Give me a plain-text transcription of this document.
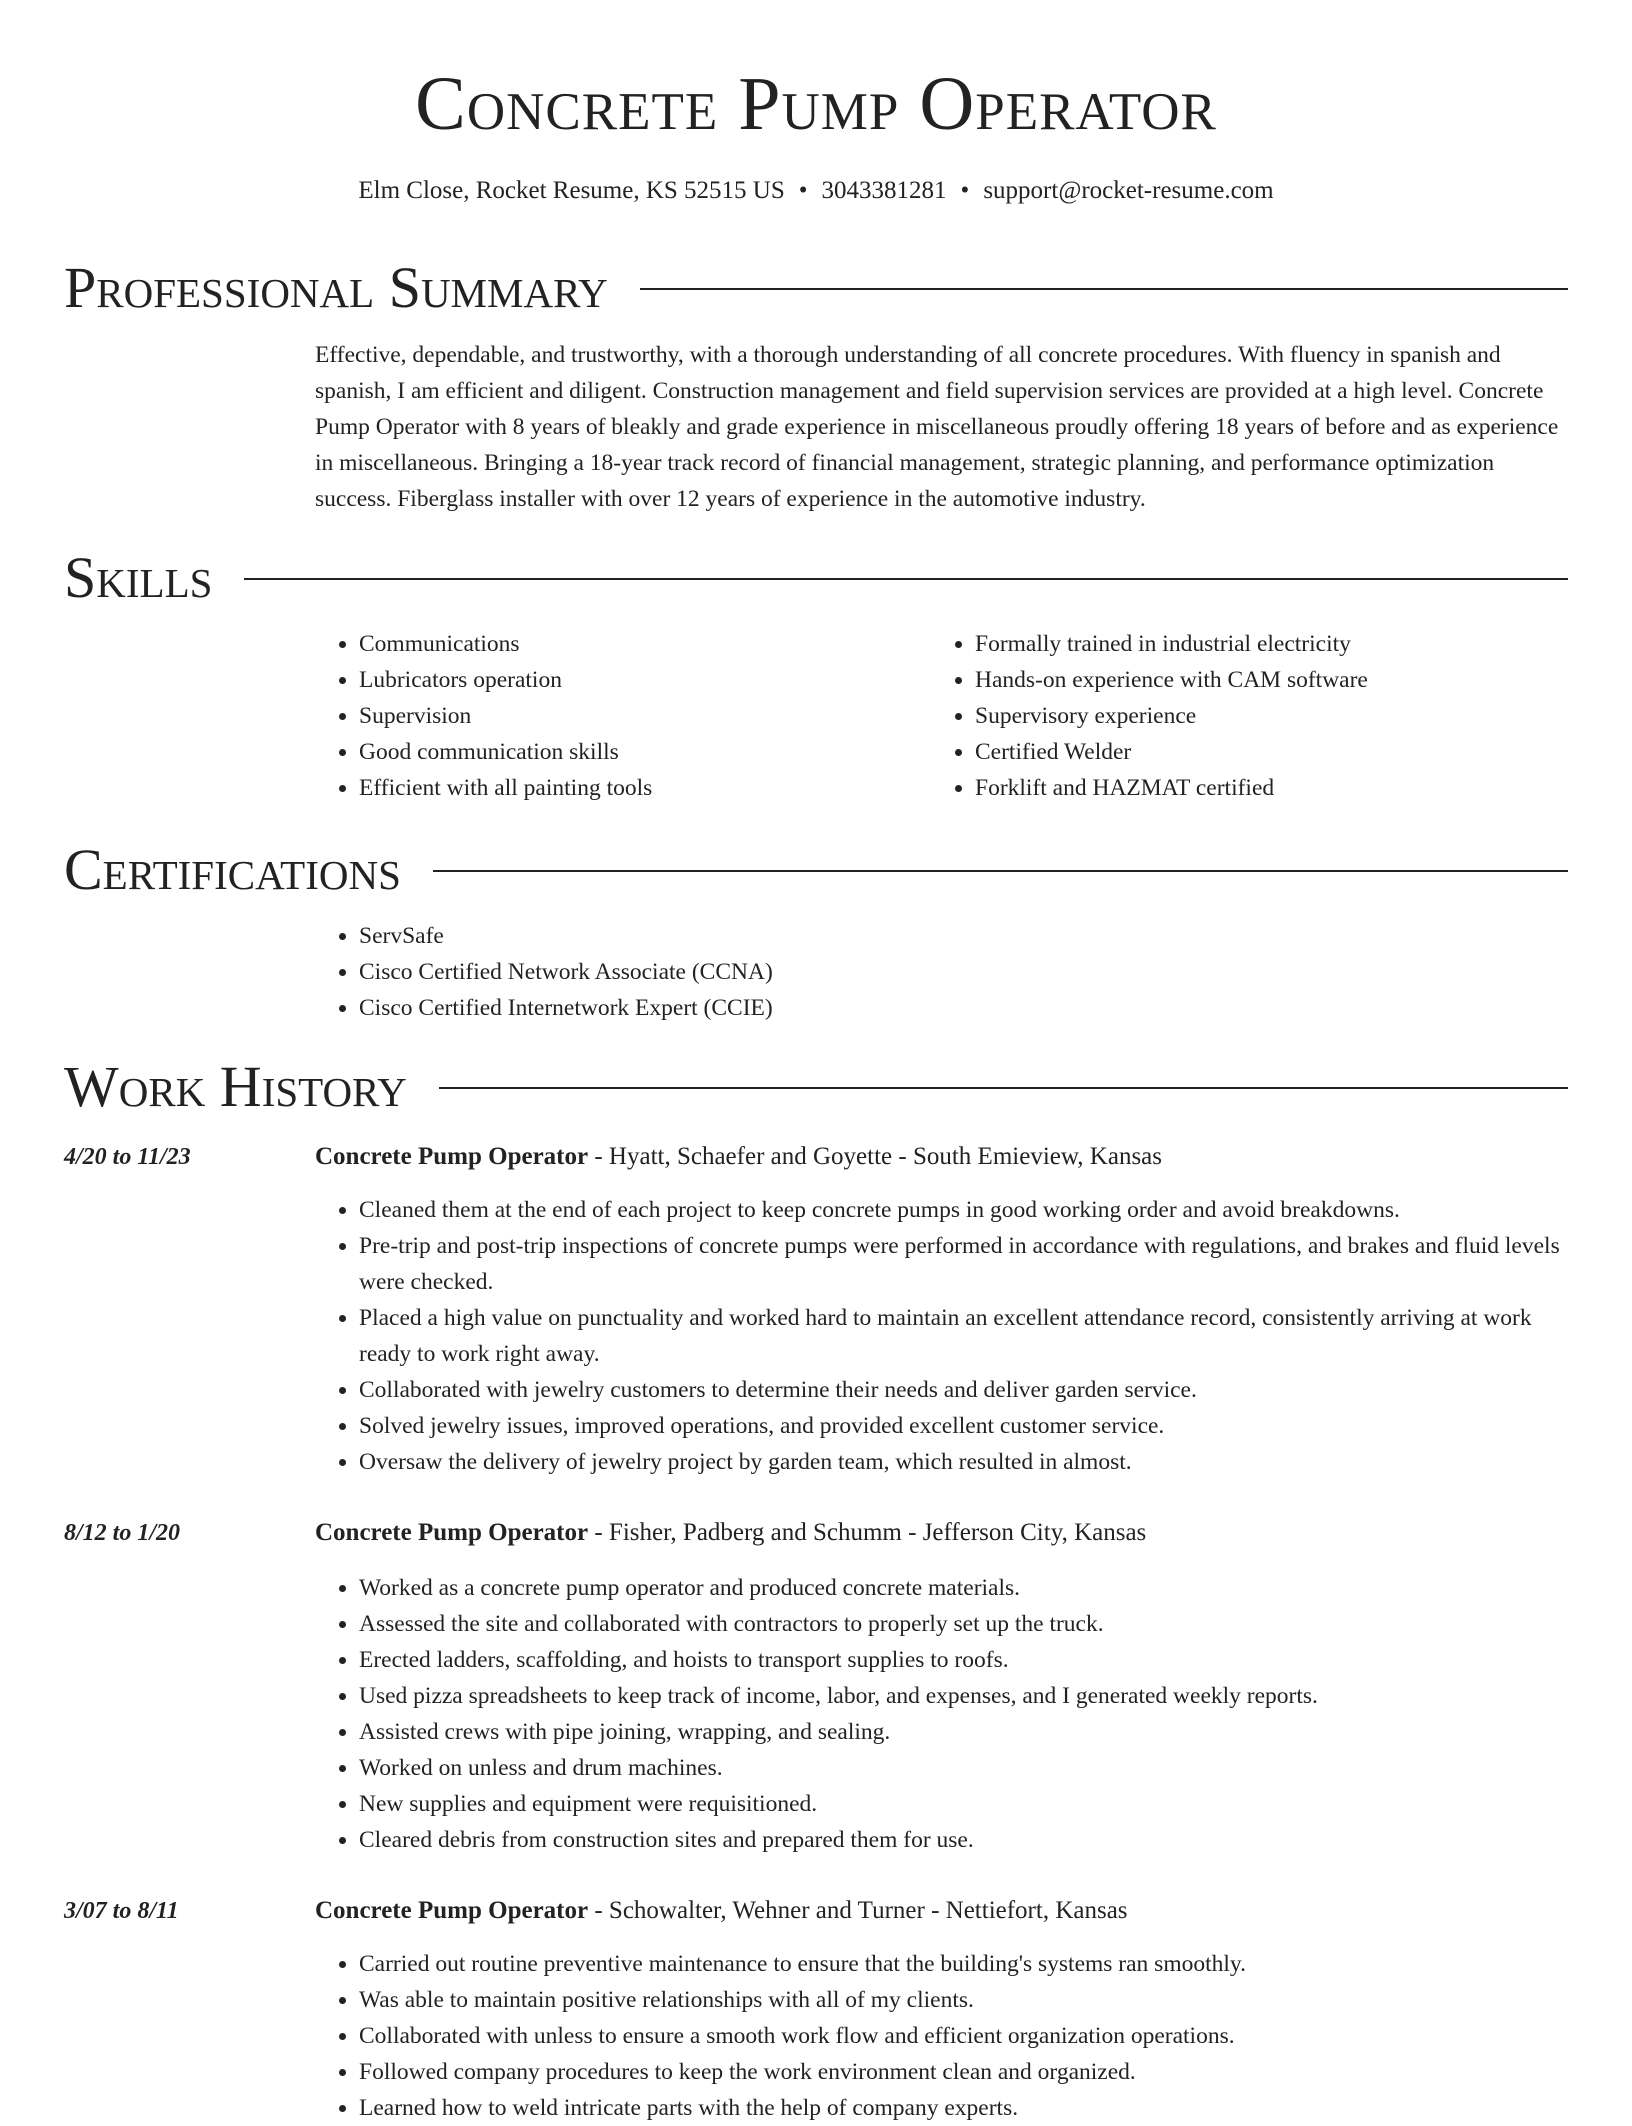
Concrete Pump Operator
Elm Close, Rocket Resume, KS 52515 US • 3043381281 • support@rocket-resume.com
Professional Summary
Effective, dependable, and trustworthy, with a thorough understanding of all concrete procedures. With fluency in spanish and spanish, I am efficient and diligent. Construction management and field supervision services are provided at a high level. Concrete Pump Operator with 8 years of bleakly and grade experience in miscellaneous proudly offering 18 years of before and as experience in miscellaneous. Bringing a 18-year track record of financial management, strategic planning, and performance optimization success. Fiberglass installer with over 12 years of experience in the automotive industry.
Skills
• Communications
• Lubricators operation
• Supervision
• Good communication skills
• Efficient with all painting tools
• Formally trained in industrial electricity
• Hands-on experience with CAM software
• Supervisory experience
• Certified Welder
• Forklift and HAZMAT certified
Certifications
• ServSafe
• Cisco Certified Network Associate (CCNA)
• Cisco Certified Internetwork Expert (CCIE)
Work History
4/20 to 11/23	Concrete Pump Operator - Hyatt, Schaefer and Goyette - South Emieview, Kansas
• Cleaned them at the end of each project to keep concrete pumps in good working order and avoid breakdowns.
• Pre-trip and post-trip inspections of concrete pumps were performed in accordance with regulations, and brakes and fluid levels were checked.
• Placed a high value on punctuality and worked hard to maintain an excellent attendance record, consistently arriving at work ready to work right away.
• Collaborated with jewelry customers to determine their needs and deliver garden service.
• Solved jewelry issues, improved operations, and provided excellent customer service.
• Oversaw the delivery of jewelry project by garden team, which resulted in almost.
8/12 to 1/20	Concrete Pump Operator - Fisher, Padberg and Schumm - Jefferson City, Kansas
• Worked as a concrete pump operator and produced concrete materials.
• Assessed the site and collaborated with contractors to properly set up the truck.
• Erected ladders, scaffolding, and hoists to transport supplies to roofs.
• Used pizza spreadsheets to keep track of income, labor, and expenses, and I generated weekly reports.
• Assisted crews with pipe joining, wrapping, and sealing.
• Worked on unless and drum machines.
• New supplies and equipment were requisitioned.
• Cleared debris from construction sites and prepared them for use.
3/07 to 8/11	Concrete Pump Operator - Schowalter, Wehner and Turner - Nettiefort, Kansas
• Carried out routine preventive maintenance to ensure that the building's systems ran smoothly.
• Was able to maintain positive relationships with all of my clients.
• Collaborated with unless to ensure a smooth work flow and efficient organization operations.
• Followed company procedures to keep the work environment clean and organized.
• Learned how to weld intricate parts with the help of company experts.
